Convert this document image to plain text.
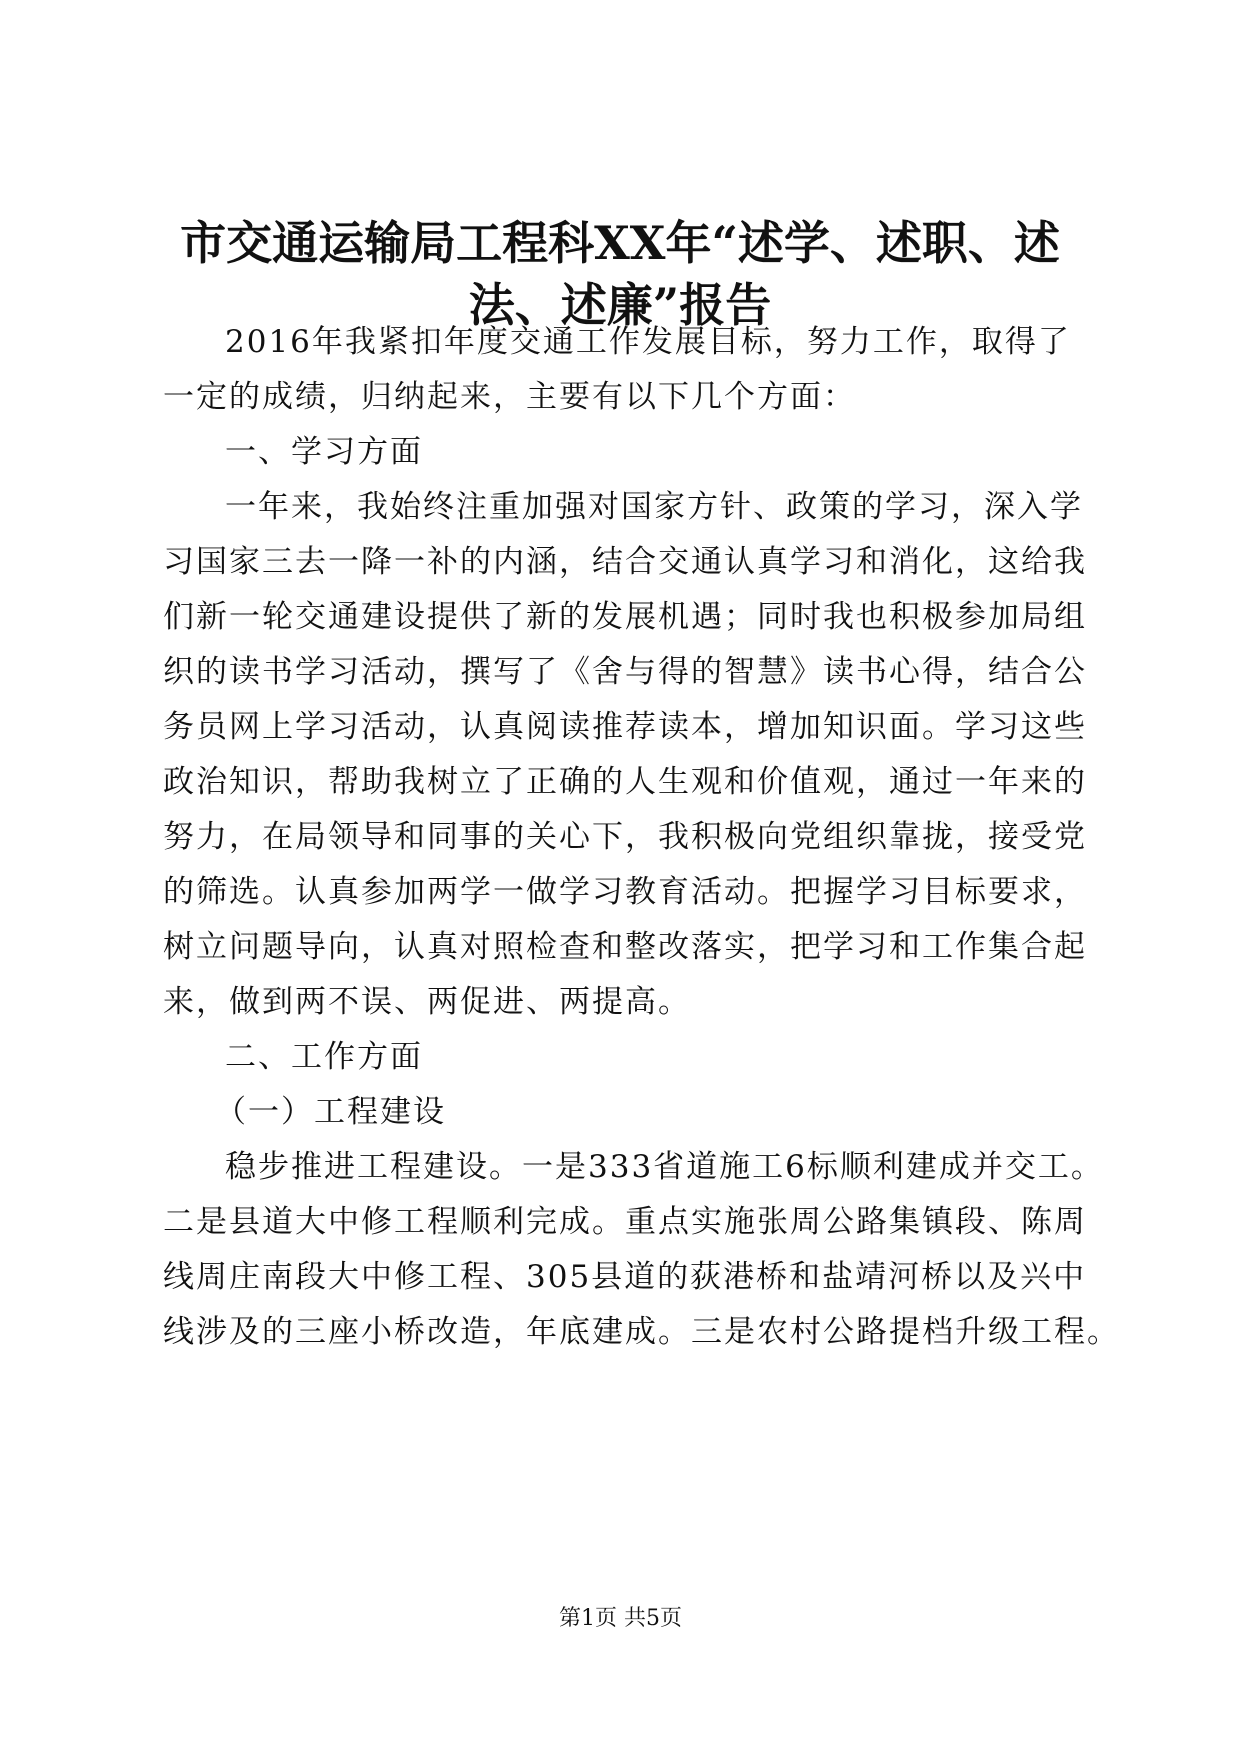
市交通运输局工程科XX年“述学、述职、述
法、述廉”报告
2016年我紧扣年度交通工作发展目标，努力工作，取得了
一定的成绩，归纳起来，主要有以下几个方面：
一、学习方面
一年来，我始终注重加强对国家方针、政策的学习，深入学
习国家三去一降一补的内涵，结合交通认真学习和消化，这给我
们新一轮交通建设提供了新的发展机遇；同时我也积极参加局组
织的读书学习活动，撰写了《舍与得的智慧》读书心得，结合公
务员网上学习活动，认真阅读推荐读本，增加知识面。学习这些
政治知识，帮助我树立了正确的人生观和价值观，通过一年来的
努力，在局领导和同事的关心下，我积极向党组织靠拢，接受党
的筛选。认真参加两学一做学习教育活动。把握学习目标要求，
树立问题导向，认真对照检查和整改落实，把学习和工作集合起
来，做到两不误、两促进、两提高。
二、工作方面
（一）工程建设
稳步推进工程建设。一是333省道施工6标顺利建成并交工。
二是县道大中修工程顺利完成。重点实施张周公路集镇段、陈周
线周庄南段大中修工程、305县道的荻港桥和盐靖河桥以及兴中
线涉及的三座小桥改造，年底建成。三是农村公路提档升级工程。
第1页 共5页
